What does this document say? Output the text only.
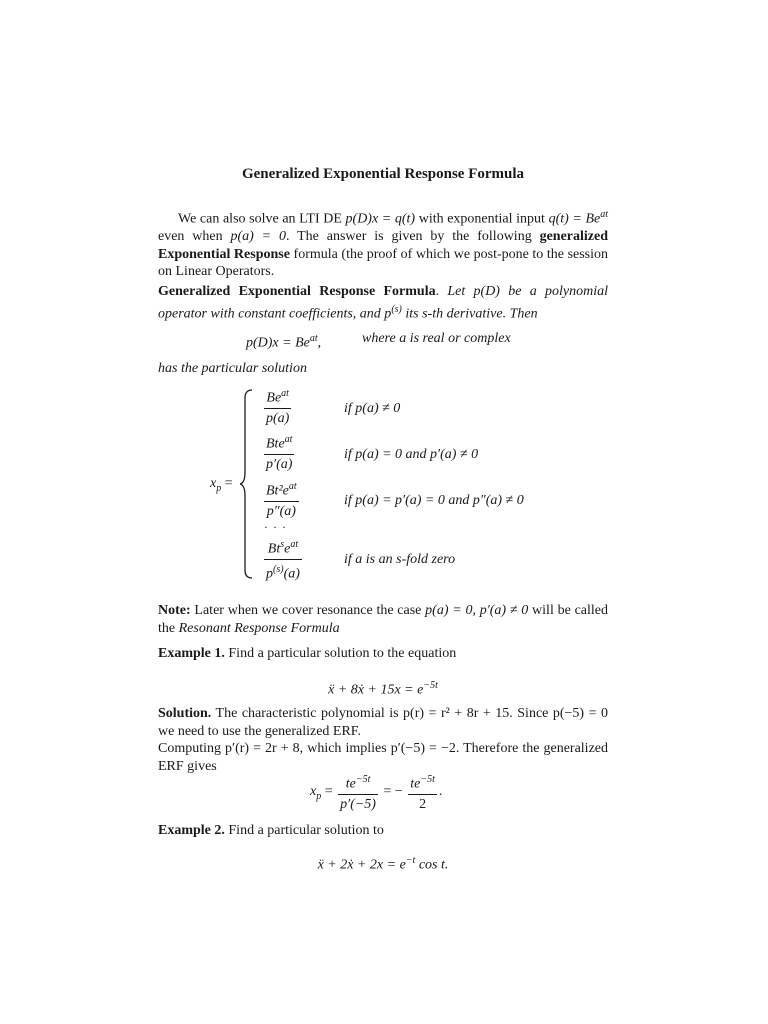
Generalized Exponential Response Formula
We can also solve an LTI DE p(D)x = q(t) with exponential input $q(t) = Be^{at}$ even when p(a) = 0. The answer is given by the following generalized Exponential Response formula (the proof of which we post-pone to the session on Linear Operators.
Generalized Exponential Response Formula. Let p(D) be a polynomial operator with constant coefficients, and $p^{(s)}$ its s-th derivative. Then
$p(D)x = Be^{at}$,	where a is real or complex
has the particular solution
$x_p$ =
$\frac{Be^{at}}{p(a)}$	if p(a) ≠ 0
$\frac{Bte^{at}}{p'(a)}$	if p(a) = 0 and p′(a) ≠ 0
$\frac{Bt^2e^{at}}{p''(a)}$	if p(a) = p′(a) = 0 and p″(a) ≠ 0
· · ·
$\frac{Bt^se^{at}}{p^{(s)}(a)}$	if a is an s-fold zero
Note: Later when we cover resonance the case p(a) = 0, p′(a) ≠ 0 will be called the Resonant Response Formula
Example 1. Find a particular solution to the equation
ẍ + 8ẋ + $15x = e^{-5t}$
Solution. The characteristic polynomial is p(r) = r² + 8r + 15. Since p(−5) = 0 we need to use the generalized ERF.
Computing p′(r) = 2r + 8, which implies p′(−5) = −2. Therefore the generalized ERF gives
$x_p = \frac{te^{-5t}}{p'(-5)}$ = − $\frac{te^{-5t}}{2}$ .
Example 2. Find a particular solution to
ẍ + 2ẋ + $2x = e^{-t}$ cos t.
